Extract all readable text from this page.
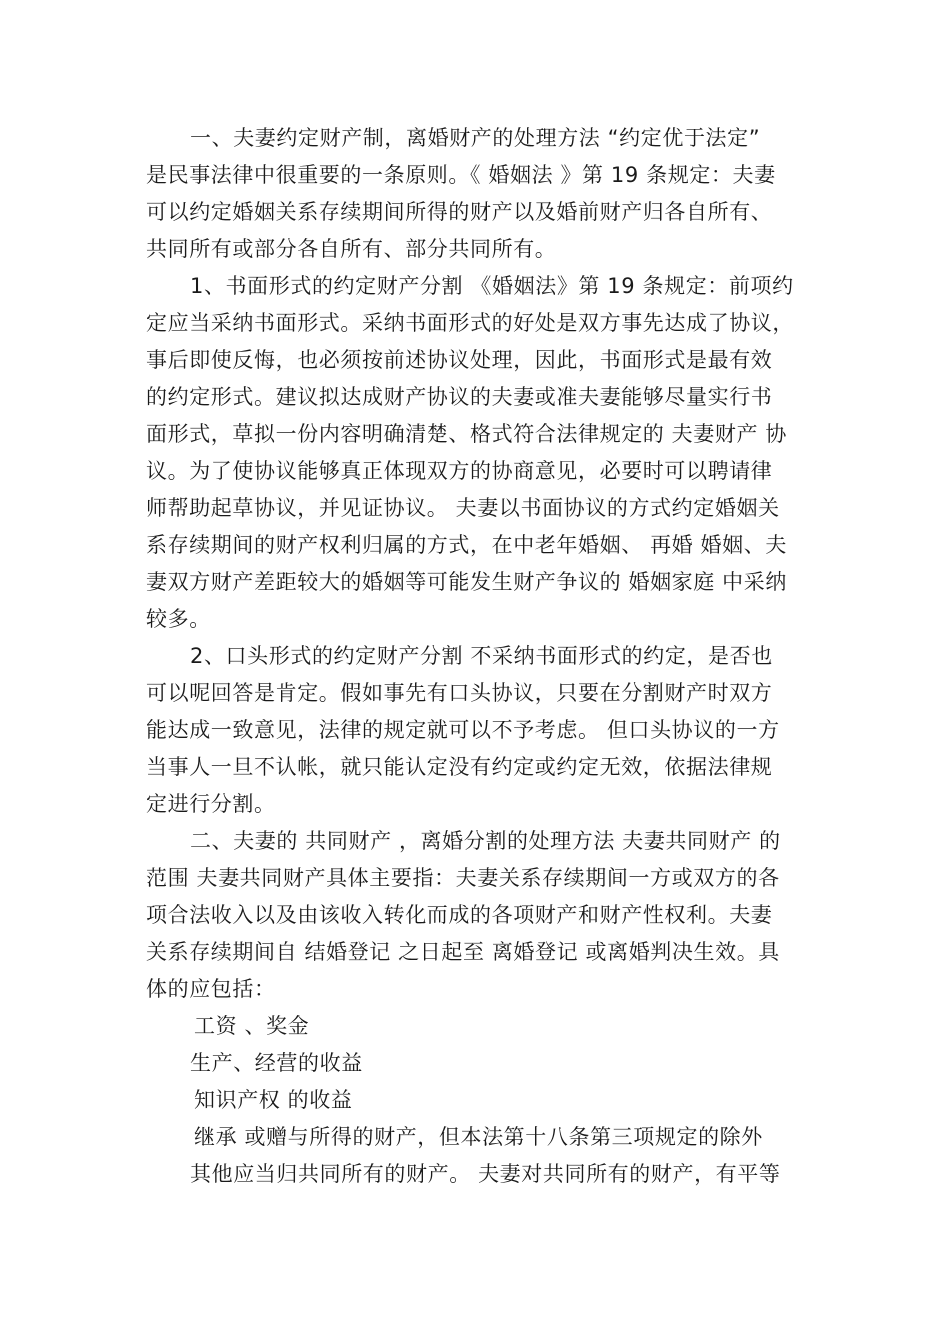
一、夫妻约定财产制，离婚财产的处理方法 “约定优于法定”
是民事法律中很重要的一条原则。《 婚姻法 》第 19 条规定：夫妻
可以约定婚姻关系存续期间所得的财产以及婚前财产归各自所有、
共同所有或部分各自所有、部分共同所有。
1、书面形式的约定财产分割 《婚姻法》第 19 条规定：前项约
定应当采纳书面形式。采纳书面形式的好处是双方事先达成了协议，
事后即使反悔，也必须按前述协议处理，因此，书面形式是最有效
的约定形式。建议拟达成财产协议的夫妻或准夫妻能够尽量实行书
面形式，草拟一份内容明确清楚、格式符合法律规定的 夫妻财产 协
议。为了使协议能够真正体现双方的协商意见，必要时可以聘请律
师帮助起草协议，并见证协议。 夫妻以书面协议的方式约定婚姻关
系存续期间的财产权利归属的方式，在中老年婚姻、 再婚 婚姻、夫
妻双方财产差距较大的婚姻等可能发生财产争议的 婚姻家庭 中采纳
较多。
2、口头形式的约定财产分割 不采纳书面形式的约定，是否也
可以呢回答是肯定。假如事先有口头协议，只要在分割财产时双方
能达成一致意见，法律的规定就可以不予考虑。 但口头协议的一方
当事人一旦不认帐，就只能认定没有约定或约定无效，依据法律规
定进行分割。
二、夫妻的 共同财产 ，离婚分割的处理方法 夫妻共同财产 的
范围 夫妻共同财产具体主要指：夫妻关系存续期间一方或双方的各
项合法收入以及由该收入转化而成的各项财产和财产性权利。夫妻
关系存续期间自 结婚登记 之日起至 离婚登记 或离婚判决生效。具
体的应包括：
工资 、奖金
生产、经营的收益
知识产权 的收益
继承 或赠与所得的财产，但本法第十八条第三项规定的除外
其他应当归共同所有的财产。 夫妻对共同所有的财产，有平等
